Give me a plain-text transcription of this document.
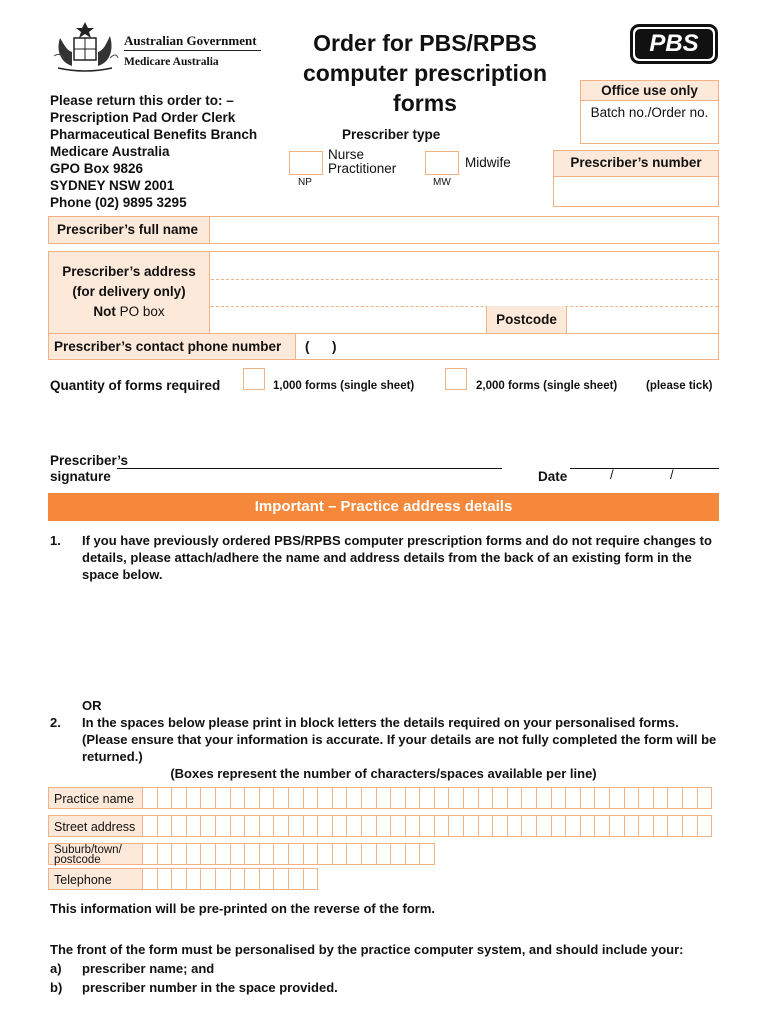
Australian Government
Medicare Australia
Order for PBS/RPBS
computer prescription
forms
PBS
Please return this order to: –
Prescription Pad Order Clerk
Pharmaceutical Benefits Branch
Medicare Australia
GPO Box 9826
SYDNEY NSW 2001
Phone (02) 9895 3295
Office use only
Batch no./Order no.
Prescriber type
Nurse
Practitioner
NP
Midwife
MW
Prescriber’s number
Prescriber’s full name
Prescriber’s address
(for delivery only)
Not PO box
Postcode
Prescriber’s contact phone number	(      )
Quantity of forms required	1,000 forms (single sheet)	2,000 forms (single sheet)	(please tick)
Prescriber’s
signature	Date	/	/
Important – Practice address details
1. If you have previously ordered PBS/RPBS computer prescription forms and do not require changes to details, please attach/adhere the name and address details from the back of an existing form in the space below.
OR
2. In the spaces below please print in block letters the details required on your personalised forms. (Please ensure that your information is accurate. If your details are not fully completed the form will be returned.)
(Boxes represent the number of characters/spaces available per line)
Practice name
Street address
Suburb/town/
postcode
Telephone
This information will be pre-printed on the reverse of the form.
The front of the form must be personalised by the practice computer system, and should include your:
a) prescriber name; and
b) prescriber number in the space provided.
